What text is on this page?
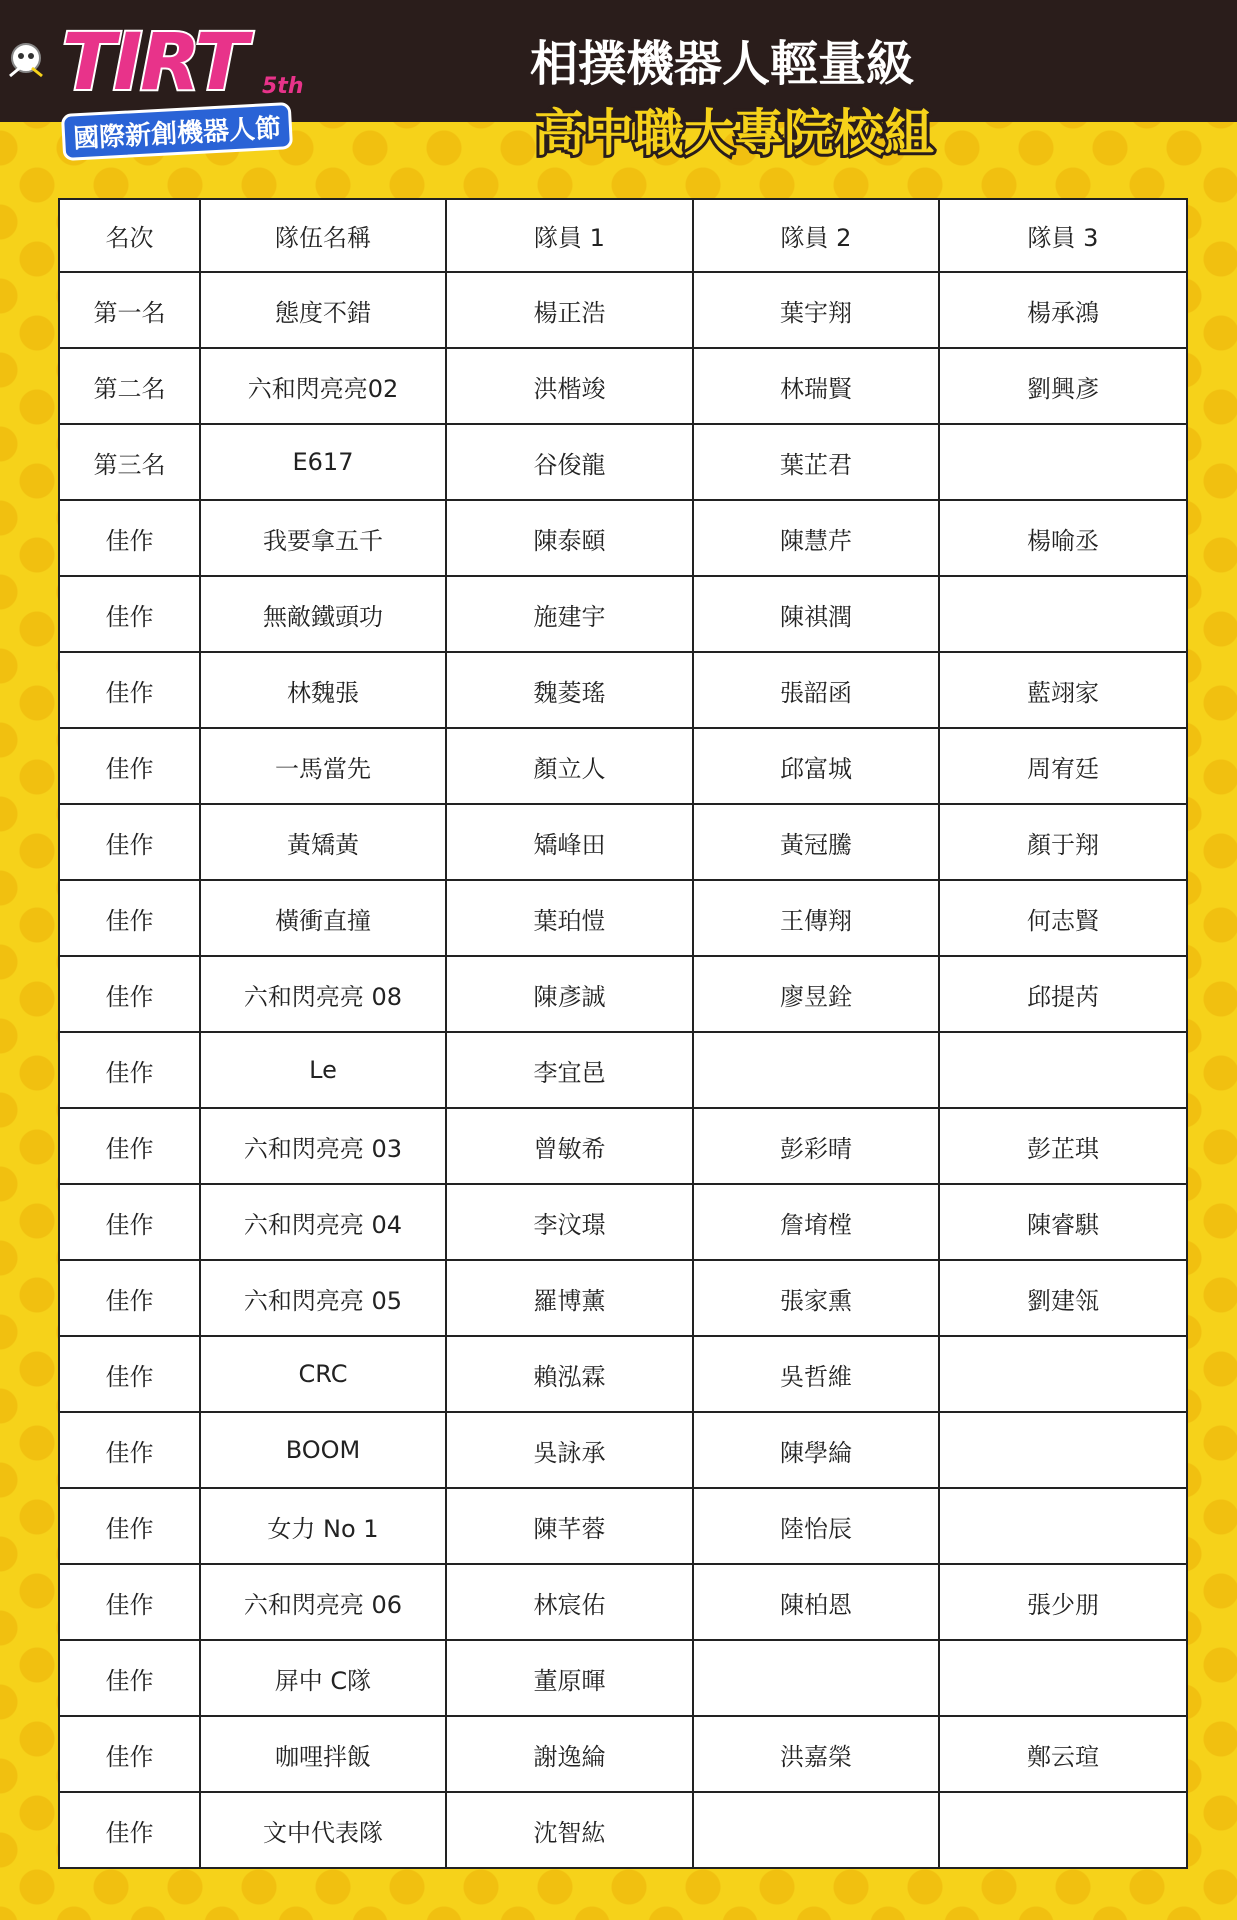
TIRT 5th
國際新創機器人節
相撲機器人輕量級
高中職大專院校組
名次	隊伍名稱	隊員 1	隊員 2	隊員 3
第一名	態度不錯	楊正浩	葉宇翔	楊承鴻
第二名	六和閃亮亮02	洪楷竣	林瑞賢	劉興彥
第三名	E617	谷俊龍	葉芷君	
佳作	我要拿五千	陳泰頤	陳慧芹	楊喻丞
佳作	無敵鐵頭功	施建宇	陳祺潤	
佳作	林魏張	魏菱瑤	張韶函	藍翊家
佳作	一馬當先	顏立人	邱富城	周宥廷
佳作	黃矯黃	矯峰田	黃冠騰	顏于翔
佳作	橫衝直撞	葉珀愷	王傳翔	何志賢
佳作	六和閃亮亮 08	陳彥誠	廖昱銓	邱提芮
佳作	Le	李宜邑		
佳作	六和閃亮亮 03	曾敏希	彭彩晴	彭芷琪
佳作	六和閃亮亮 04	李汶璟	詹堉樘	陳睿騏
佳作	六和閃亮亮 05	羅博薰	張家熏	劉建瓴
佳作	CRC	賴泓霖	吳哲維	
佳作	BOOM	吳詠承	陳學綸	
佳作	女力 No 1	陳芊蓉	陸怡辰	
佳作	六和閃亮亮 06	林宸佑	陳柏恩	張少朋
佳作	屏中 C隊	董原暉		
佳作	咖哩拌飯	謝逸綸	洪嘉榮	鄭云瑄
佳作	文中代表隊	沈智紘		
